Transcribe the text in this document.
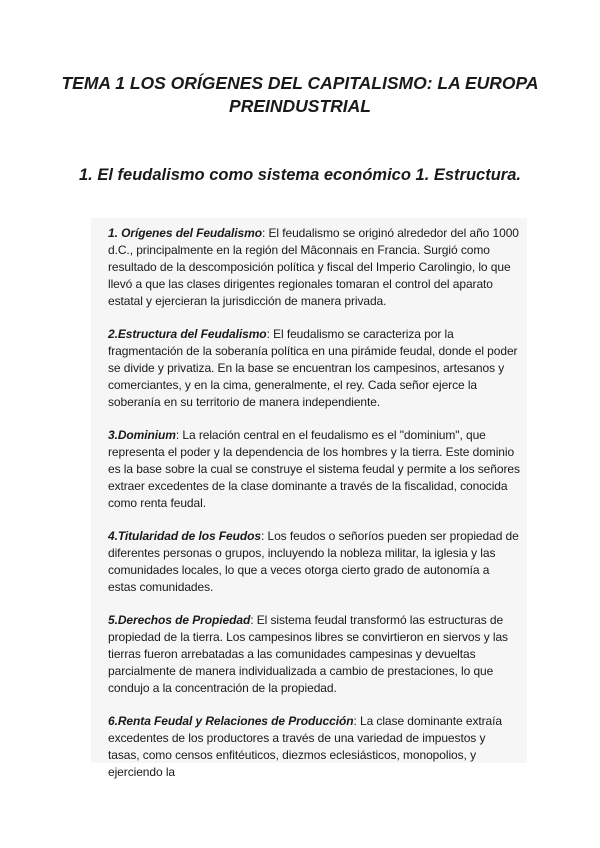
TEMA 1 LOS ORÍGENES DEL CAPITALISMO: LA EUROPA PREINDUSTRIAL
1. El feudalismo como sistema económico 1. Estructura.

1. Orígenes del Feudalismo: El feudalismo se originó alrededor del año 1000 d.C., principalmente en la región del Mâconnais en Francia. Surgió como resultado de la descomposición política y fiscal del Imperio Carolingio, lo que llevó a que las clases dirigentes regionales tomaran el control del aparato estatal y ejercieran la jurisdicción de manera privada.

2.Estructura del Feudalismo: El feudalismo se caracteriza por la fragmentación de la soberanía política en una pirámide feudal, donde el poder se divide y privatiza. En la base se encuentran los campesinos, artesanos y comerciantes, y en la cima, generalmente, el rey. Cada señor ejerce la soberanía en su territorio de manera independiente.

3.Dominium: La relación central en el feudalismo es el "dominium", que representa el poder y la dependencia de los hombres y la tierra. Este dominio es la base sobre la cual se construye el sistema feudal y permite a los señores extraer excedentes de la clase dominante a través de la fiscalidad, conocida como renta feudal.

4.Titularidad de los Feudos: Los feudos o señoríos pueden ser propiedad de diferentes personas o grupos, incluyendo la nobleza militar, la iglesia y las comunidades locales, lo que a veces otorga cierto grado de autonomía a estas comunidades.

5.Derechos de Propiedad: El sistema feudal transformó las estructuras de propiedad de la tierra. Los campesinos libres se convirtieron en siervos y las tierras fueron arrebatadas a las comunidades campesinas y devueltas parcialmente de manera individualizada a cambio de prestaciones, lo que condujo a la concentración de la propiedad.

6.Renta Feudal y Relaciones de Producción: La clase dominante extraía excedentes de los productores a través de una variedad de impuestos y tasas, como censos enfitéuticos, diezmos eclesiásticos, monopolios, y ejerciendo la
